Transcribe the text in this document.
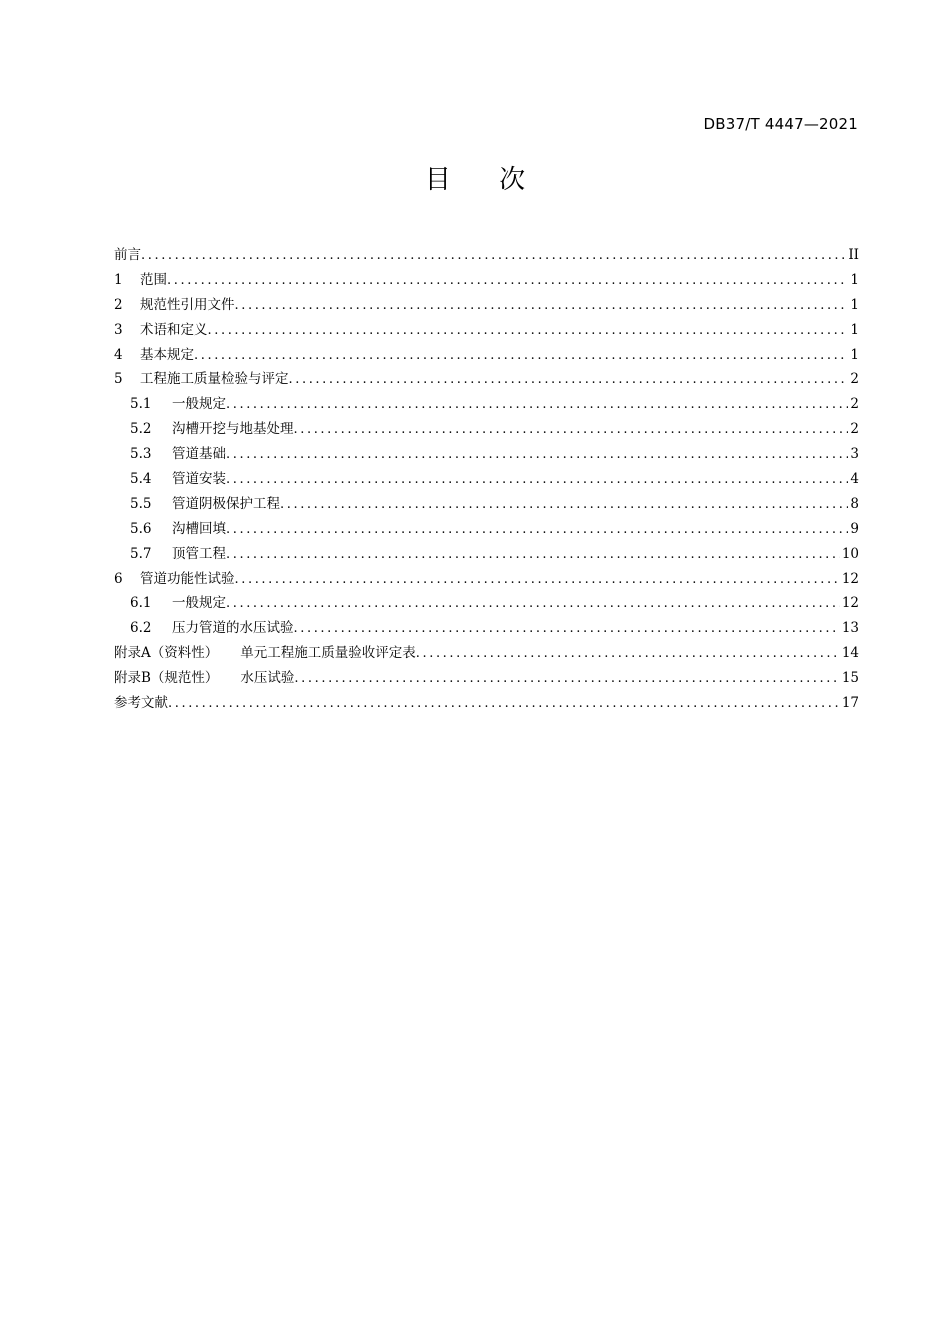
DB37/T 4447—2021
目 次
前言 .....	II
1	范围 .....	1
2	规范性引用文件 .....	1
3	术语和定义 .....	1
4	基本规定 .....	1
5	工程施工质量检验与评定 .....	2
5.1	一般规定 .....	2
5.2	沟槽开挖与地基处理 .....	2
5.3	管道基础 .....	3
5.4	管道安装 .....	4
5.5	管道阴极保护工程 .....	8
5.6	沟槽回填 .....	9
5.7	顶管工程 .....	10
6	管道功能性试验 .....	12
6.1	一般规定 .....	12
6.2	压力管道的水压试验 .....	13
附录A（资料性） 单元工程施工质量验收评定表 .....	14
附录B（规范性） 水压试验 .....	15
参考文献 .....	17
